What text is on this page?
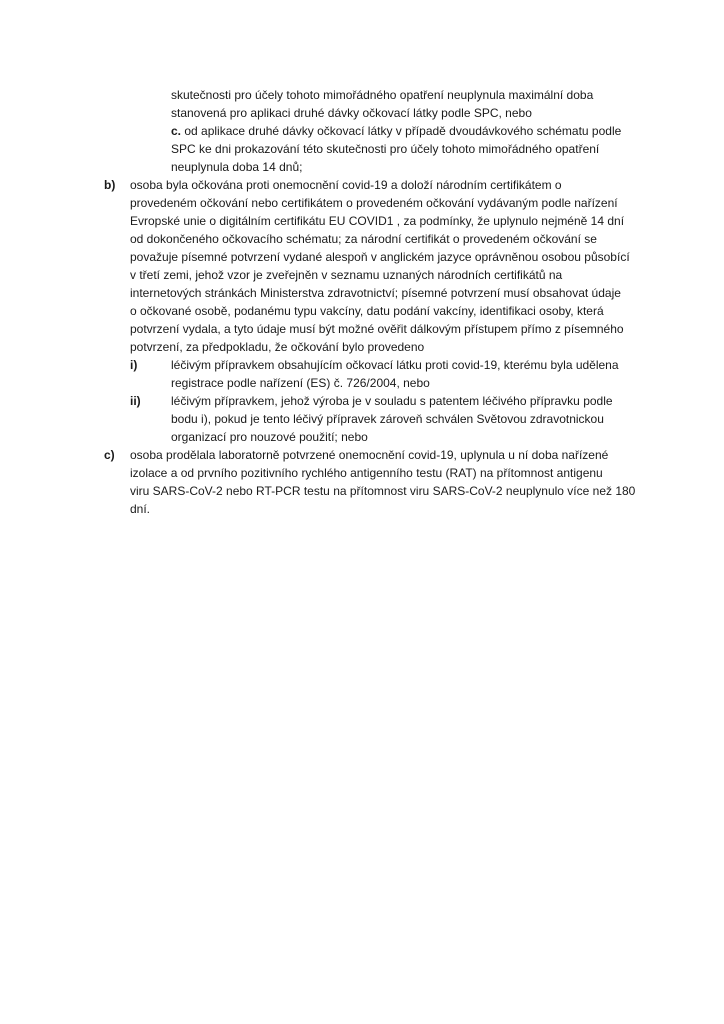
skutečnosti pro účely tohoto mimořádného opatření neuplynula maximální doba
stanovená pro aplikaci druhé dávky očkovací látky podle SPC, nebo
c. od aplikace druhé dávky očkovací látky v případě dvoudávkového schématu podle
SPC ke dni prokazování této skutečnosti pro účely tohoto mimořádného opatření
neuplynula doba 14 dnů;
b) osoba byla očkována proti onemocnění covid-19 a doloží národním certifikátem o
provedeném očkování nebo certifikátem o provedeném očkování vydávaným podle nařízení
Evropské unie o digitálním certifikátu EU COVID1 , za podmínky, že uplynulo nejméně 14 dní
od dokončeného očkovacího schématu; za národní certifikát o provedeném očkování se
považuje písemné potvrzení vydané alespoň v anglickém jazyce oprávněnou osobou působící
v třetí zemi, jehož vzor je zveřejněn v seznamu uznaných národních certifikátů na
internetových stránkách Ministerstva zdravotnictví; písemné potvrzení musí obsahovat údaje
o očkované osobě, podanému typu vakcíny, datu podání vakcíny, identifikaci osoby, která
potvrzení vydala, a tyto údaje musí být možné ověřit dálkovým přístupem přímo z písemného
potvrzení, za předpokladu, že očkování bylo provedeno
i)	léčivým přípravkem obsahujícím očkovací látku proti covid-19, kterému byla udělena
registrace podle nařízení (ES) č. 726/2004, nebo
ii)	léčivým přípravkem, jehož výroba je v souladu s patentem léčivého přípravku podle
bodu i), pokud je tento léčivý přípravek zároveň schválen Světovou zdravotnickou
organizací pro nouzové použití; nebo
c) osoba prodělala laboratorně potvrzené onemocnění covid-19, uplynula u ní doba nařízené
izolace a od prvního pozitivního rychlého antigenního testu (RAT) na přítomnost antigenu
viru SARS-CoV-2 nebo RT-PCR testu na přítomnost viru SARS-CoV-2 neuplynulo více než 180
dní.
